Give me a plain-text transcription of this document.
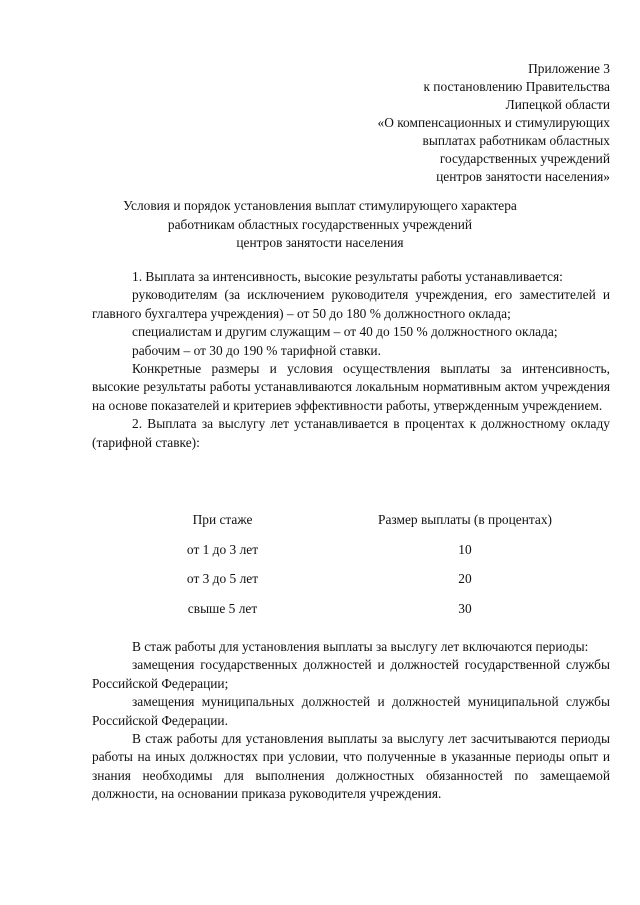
Приложение 3
к постановлению Правительства
Липецкой области
«О компенсационных и стимулирующих
выплатах работникам областных
государственных учреждений
центров занятости населения»
Условия и порядок установления выплат стимулирующего характера
работникам областных государственных учреждений
центров занятости населения

1. Выплата за интенсивность, высокие результаты работы устанавливается:

руководителям (за исключением руководителя учреждения, его заместителей и главного бухгалтера учреждения) – от 50 до 180 % должностного оклада;

специалистам и другим служащим – от 40 до 150 % должностного оклада;

рабочим – от 30 до 190 % тарифной ставки.

Конкретные размеры и условия осуществления выплаты за интенсивность, высокие результаты работы устанавливаются локальным нормативным актом учреждения на основе показателей и критериев эффективности работы, утвержденным учреждением.

2. Выплата за выслугу лет устанавливается в процентах к должностному окладу (тарифной ставке):

При стаже	Размер выплаты (в процентах)
от 1 до 3 лет	10
от 3 до 5 лет	20
свыше 5 лет	30

В стаж работы для установления выплаты за выслугу лет включаются периоды:

замещения государственных должностей и должностей государственной службы Российской Федерации;

замещения муниципальных должностей и должностей муниципальной службы Российской Федерации.

В стаж работы для установления выплаты за выслугу лет засчитываются периоды работы на иных должностях при условии, что полученные в указанные периоды опыт и знания необходимы для выполнения должностных обязанностей по замещаемой должности, на основании приказа руководителя учреждения.
